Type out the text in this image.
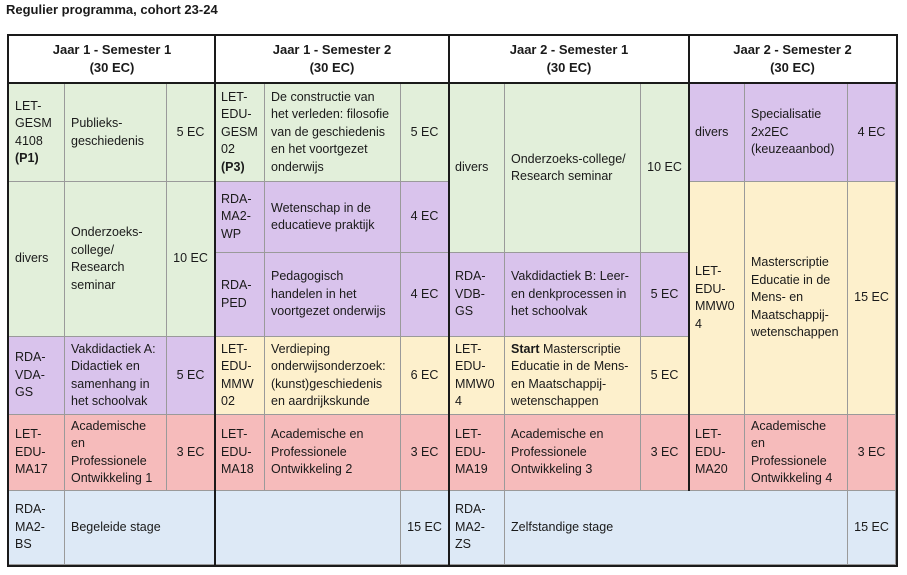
Regulier programma, cohort 23-24
Jaar 1 - Semester 1
(30 EC)
Jaar 1 - Semester 2
(30 EC)
Jaar 2 - Semester 1
(30 EC)
Jaar 2 - Semester 2
(30 EC)
LET-GESM 4108
(P1)
Publieks-geschiedenis
5 EC
divers
Onderzoeks-college/ Research seminar
10 EC
RDA-VDA-GS
Vakdidactiek A: Didactiek en samenhang in het schoolvak
5 EC
LET-EDU-MA17
Academische en Professionele Ontwikkeling 1
3 EC
LET-EDU-GESM 02
(P3)
De constructie van het verleden: filosofie van de geschiedenis en het voortgezet onderwijs
5 EC
RDA-MA2-WP
Wetenschap in de educatieve praktijk
4 EC
RDA-PED
Pedagogisch handelen in het voortgezet onderwijs
4 EC
LET-EDU-MMW 02
Verdieping onderwijsonderzoek: (kunst)geschiedenis en aardrijkskunde
6 EC
LET-EDU-MA18
Academische en Professionele Ontwikkeling 2
3 EC
divers
Onderzoeks-college/ Research seminar
10 EC
RDA-VDB-GS
Vakdidactiek B: Leer- en denkprocessen in het schoolvak
5 EC
LET-EDU-MMW0 4
Start Masterscriptie Educatie in de Mens- en Maatschappij-wetenschappen
5 EC
LET-EDU-MA19
Academische en Professionele Ontwikkeling 3
3 EC
divers
Specialisatie 2x2EC (keuzeaanbod)
4 EC
LET-EDU-MMW0 4
Masterscriptie Educatie in de Mens- en Maatschappij-wetenschappen
15 EC
LET-EDU-MA20
Academische en Professionele Ontwikkeling 4
3 EC
RDA-MA2-BS
Begeleide stage	15 EC
RDA-MA2-ZS
Zelfstandige stage	15 EC
